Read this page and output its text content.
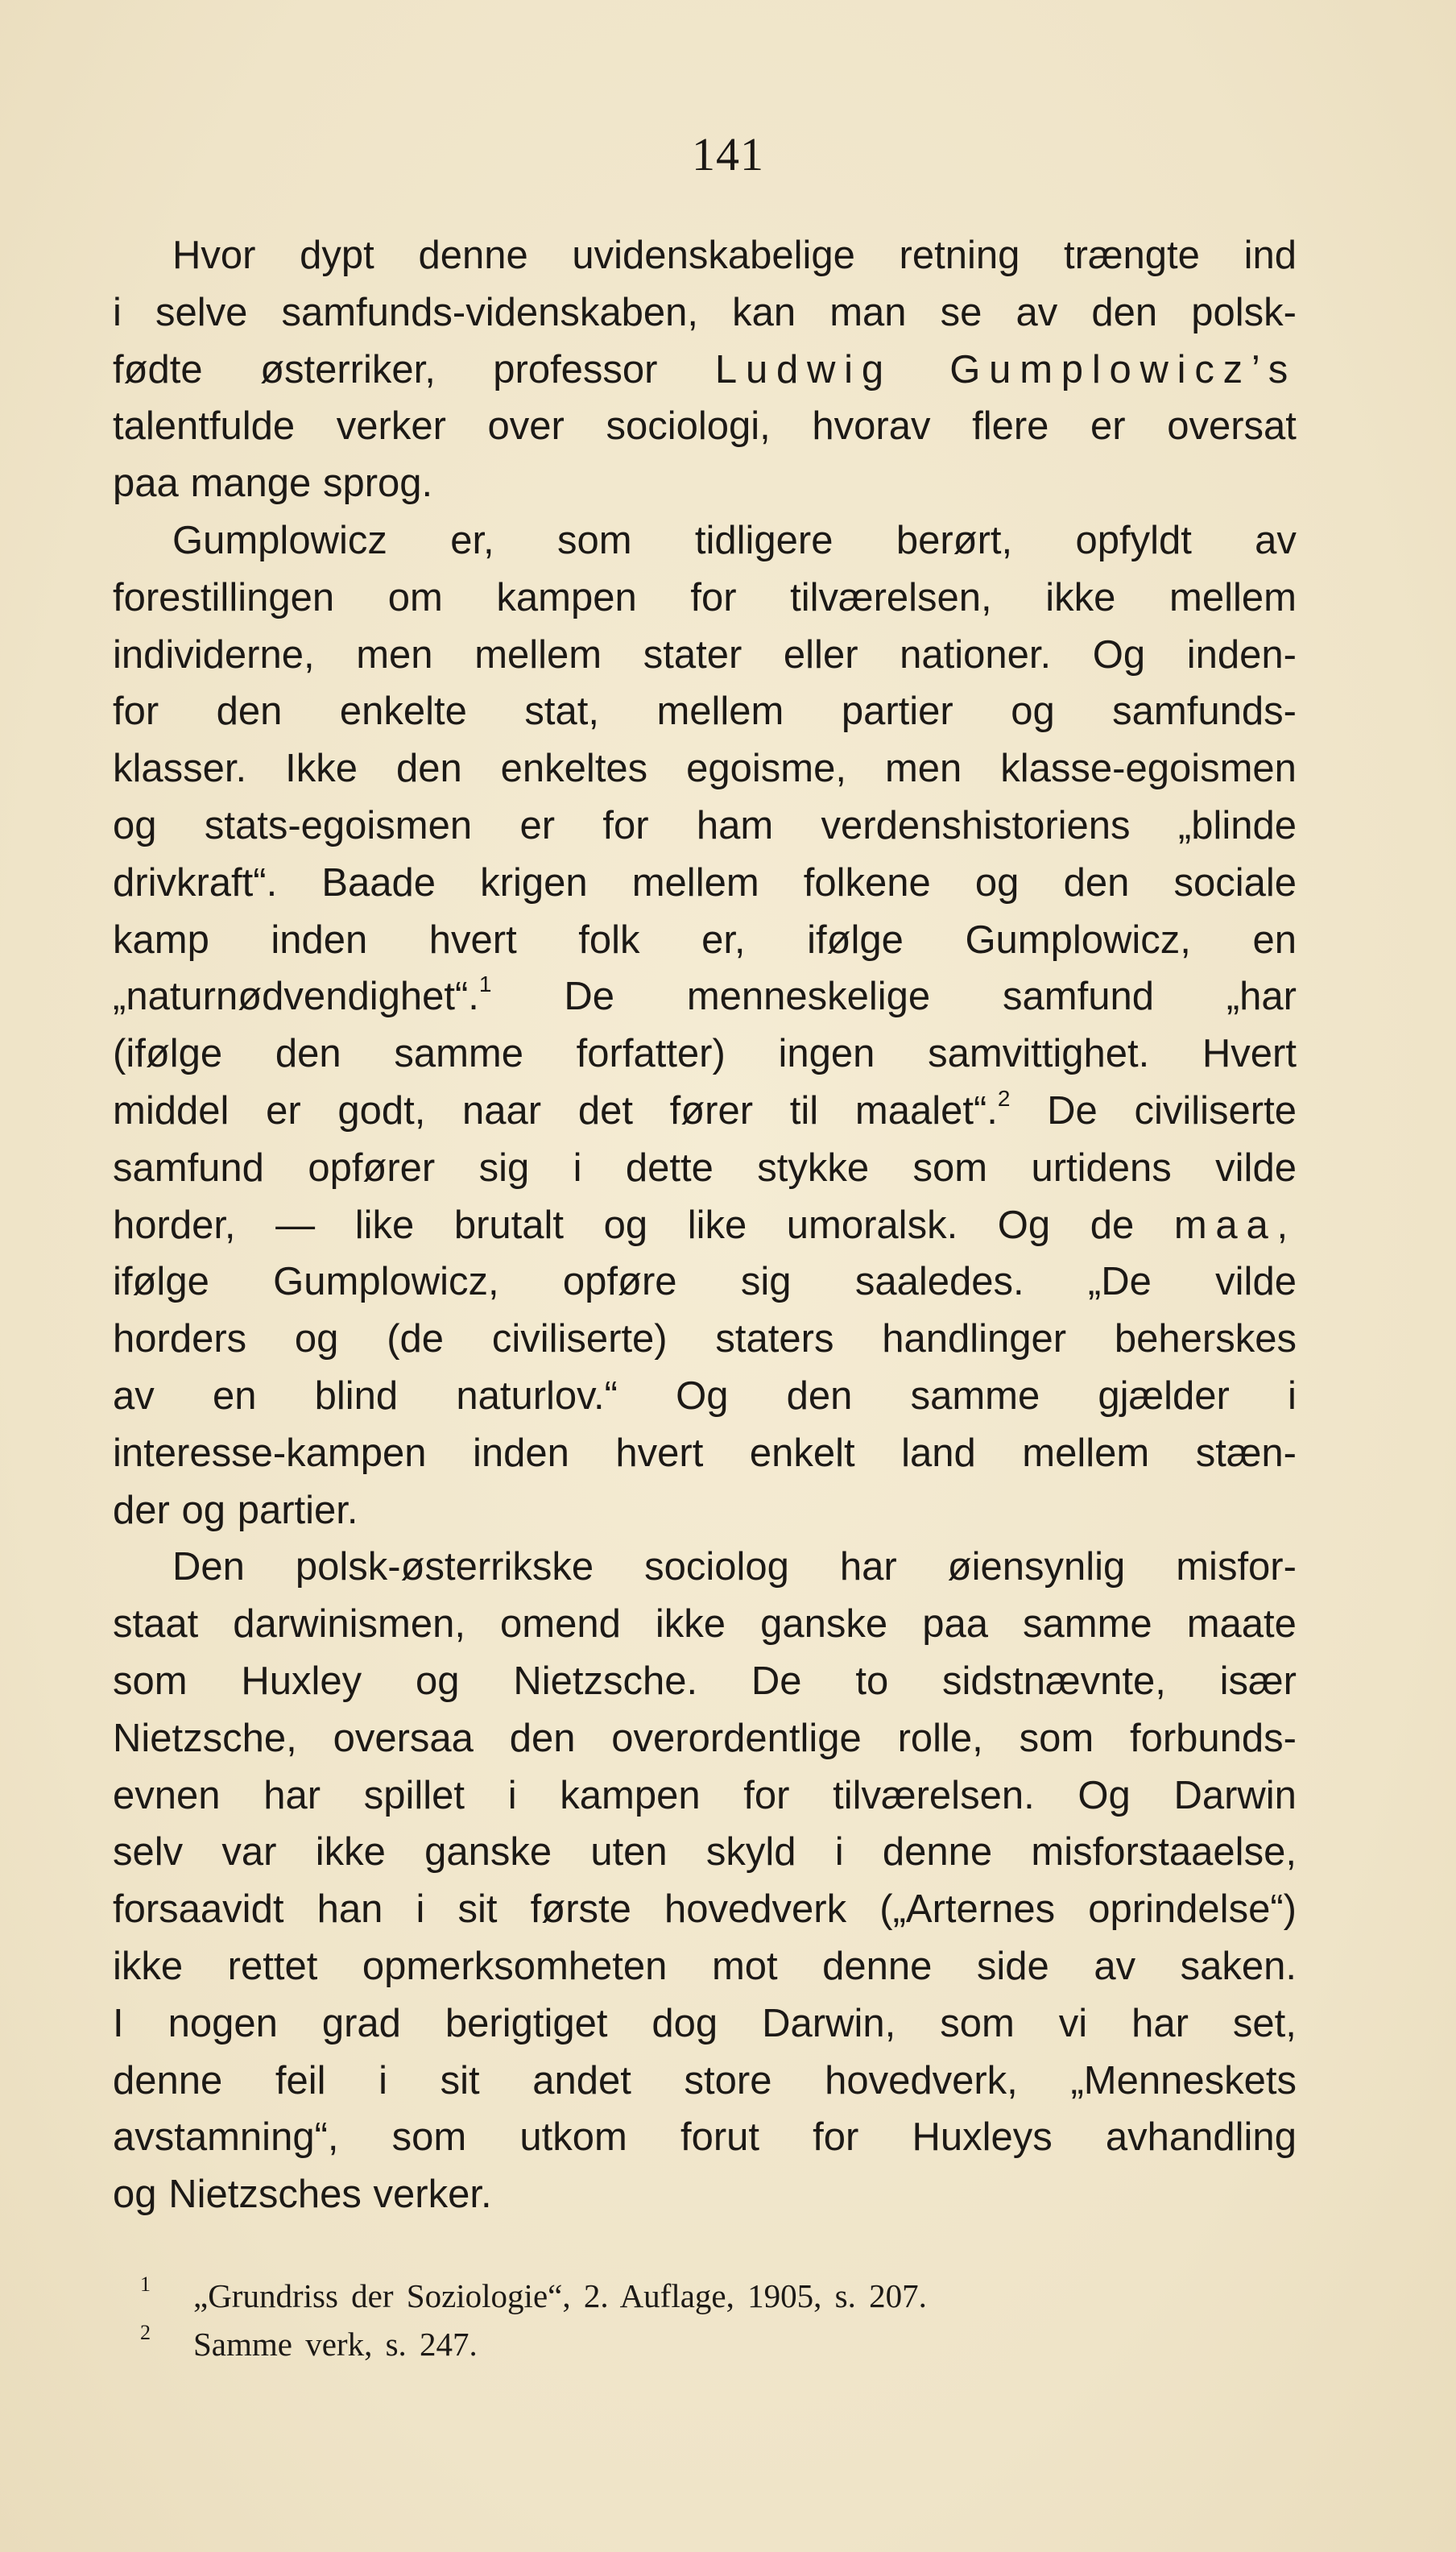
141
Hvor dypt denne uvidenskabelige retning trængte ind
i selve samfunds-videnskaben, kan man se av den polsk-
fødte østerriker, professor Ludwig Gumplowicz’s
talentfulde verker over sociologi, hvorav flere er oversat
paa mange sprog.
Gumplowicz er, som tidligere berørt, opfyldt av
forestillingen om kampen for tilværelsen, ikke mellem
individerne, men mellem stater eller nationer. Og inden-
for den enkelte stat, mellem partier og samfunds-
klasser. Ikke den enkeltes egoisme, men klasse-egoismen
og stats-egoismen er for ham verdenshistoriens „blinde
drivkraft“. Baade krigen mellem folkene og den sociale
kamp inden hvert folk er, ifølge Gumplowicz, en
„naturnødvendighet“.$^1$ De menneskelige samfund „har
(ifølge den samme forfatter) ingen samvittighet. Hvert
middel er godt, naar det fører til maalet“.$^2$ De civiliserte
samfund opfører sig i dette stykke som urtidens vilde
horder, — like brutalt og like umoralsk. Og de maa,
ifølge Gumplowicz, opføre sig saaledes. „De vilde
horders og (de civiliserte) staters handlinger beherskes
av en blind naturlov.“ Og den samme gjælder i
interesse-kampen inden hvert enkelt land mellem stæn-
der og partier.
Den polsk-østerrikske sociolog har øiensynlig misfor-
staat darwinismen, omend ikke ganske paa samme maate
som Huxley og Nietzsche. De to sidstnævnte, især
Nietzsche, oversaa den overordentlige rolle, som forbunds-
evnen har spillet i kampen for tilværelsen. Og Darwin
selv var ikke ganske uten skyld i denne misforstaaelse,
forsaavidt han i sit første hovedverk („Arternes oprindelse“)
ikke rettet opmerksomheten mot denne side av saken.
I nogen grad berigtiget dog Darwin, som vi har set,
denne feil i sit andet store hovedverk, „Menneskets
avstamning“, som utkom forut for Huxleys avhandling
og Nietzsches verker.
1 „Grundriss der Soziologie“, 2. Auflage, 1905, s. 207.
2 Samme verk, s. 247.
